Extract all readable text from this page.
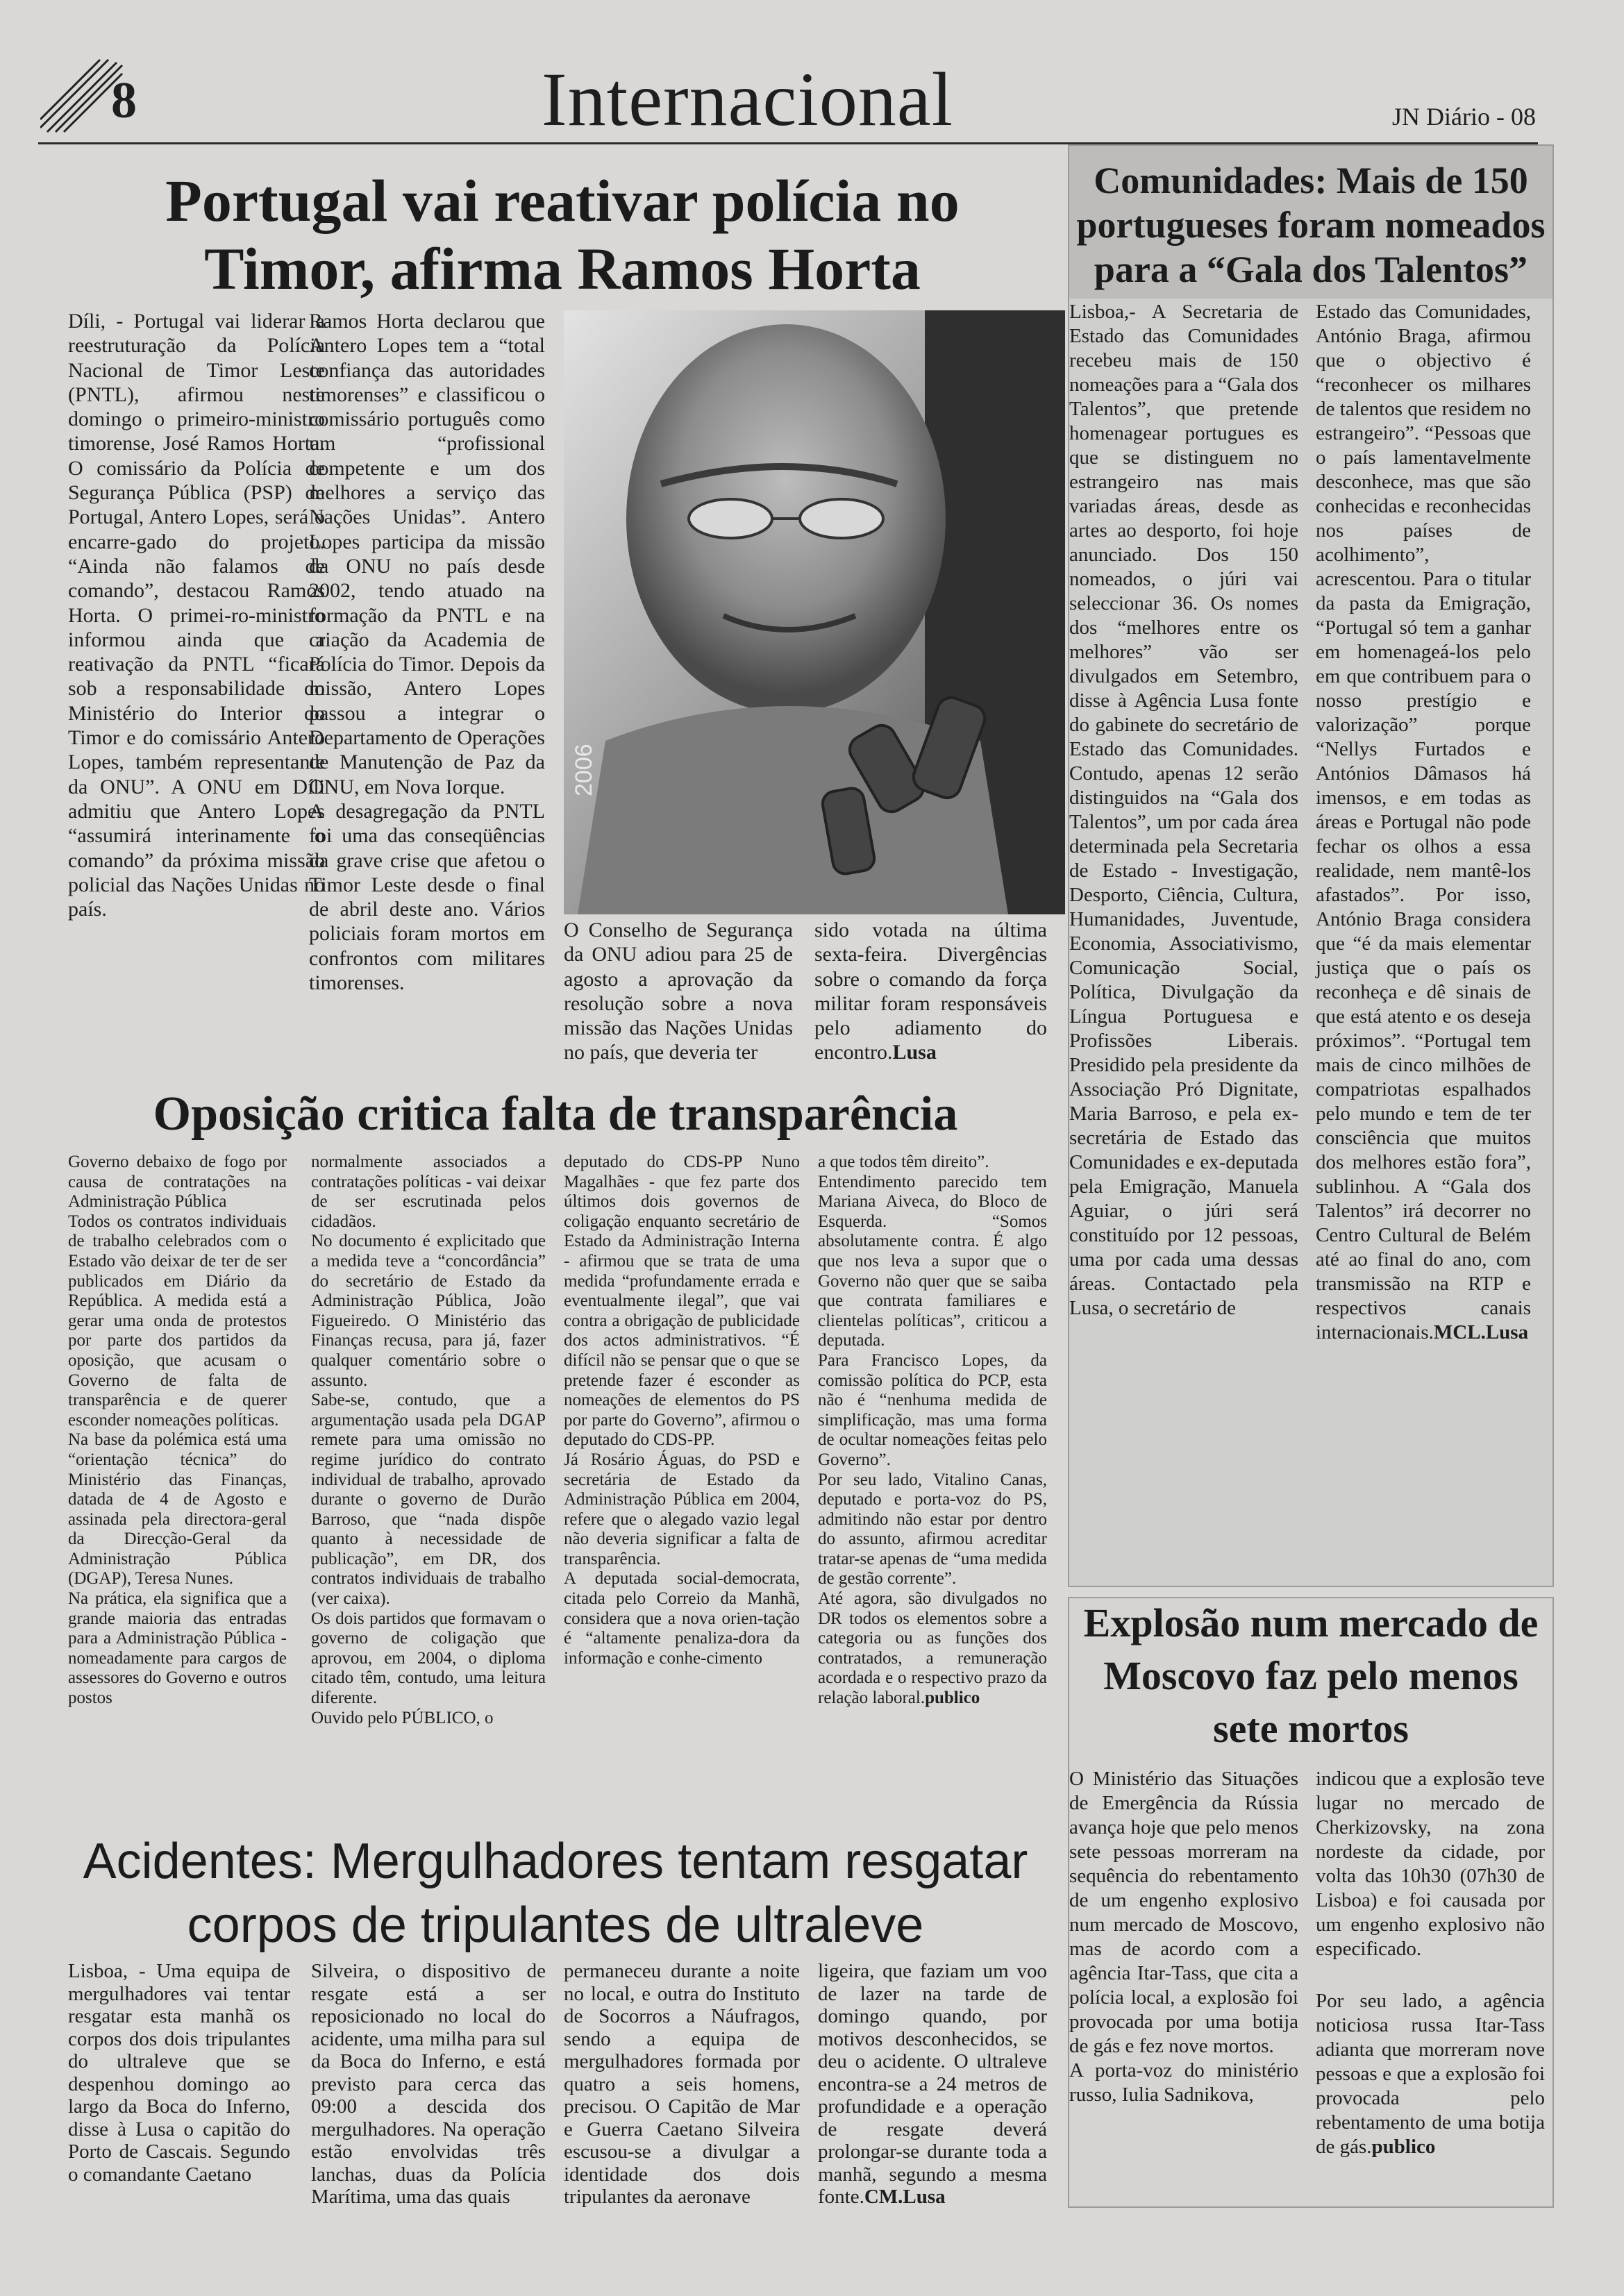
8	Internacional	JN Diário - 08
Portugal vai reativar polícia no Timor, afirma Ramos Horta

Díli, - Portugal vai liderar a reestruturação da Polícia Nacional de Timor Leste (PNTL), afirmou neste domingo o primeiro-ministro timorense, José Ramos Horta. O comissário da Polícia de Segurança Pública (PSP) de Portugal, Antero Lopes, será o encarre-gado do projeto. “Ainda não falamos de comando”, destacou Ramos Horta. O primei-ro-ministro informou ainda que a reativação da PNTL “ficará sob a responsabilidade do Ministério do Interior do Timor e do comissário Antero Lopes, também representante da ONU”. A ONU em Díli admitiu que Antero Lopes “assumirá interinamente o comando” da próxima missão policial das Nações Unidas no país.

Ramos Horta declarou que Antero Lopes tem a “total confiança das autoridades timorenses” e classificou o comissário português como um “profissional competente e um dos melhores a serviço das Nações Unidas”. Antero Lopes participa da missão da ONU no país desde 2002, tendo atuado na formação da PNTL e na criação da Academia de Polícia do Timor. Depois da missão, Antero Lopes passou a integrar o Departamento de Operações de Manutenção de Paz da ONU, em Nova Iorque.

A desagregação da PNTL foi uma das conseqüências da grave crise que afetou o Timor Leste desde o final de abril deste ano. Vários policiais foram mortos em confrontos com militares timorenses.

2006

O Conselho de Segurança da ONU adiou para 25 de agosto a aprovação da resolução sobre a nova missão das Nações Unidas no país, que deveria ter

sido votada na última sexta-feira. Divergências sobre o comando da força militar foram responsáveis pelo adiamento do encontro.Lusa

Oposição critica falta de transparência

Governo debaixo de fogo por causa de contratações na Administração Pública

Todos os contratos individuais de trabalho celebrados com o Estado vão deixar de ter de ser publicados em Diário da República. A medida está a gerar uma onda de protestos por parte dos partidos da oposição, que acusam o Governo de falta de transparência e de querer esconder nomeações políticas.

Na base da polémica está uma “orientação técnica” do Ministério das Finanças, datada de 4 de Agosto e assinada pela directora-geral da Direcção-Geral da Administração Pública (DGAP), Teresa Nunes.

Na prática, ela significa que a grande maioria das entradas para a Administração Pública - nomeadamente para cargos de assessores do Governo e outros postos

normalmente associados a contratações políticas - vai deixar de ser escrutinada pelos cidadãos.

No documento é explicitado que a medida teve a “concordância” do secretário de Estado da Administração Pública, João Figueiredo. O Ministério das Finanças recusa, para já, fazer qualquer comentário sobre o assunto.

Sabe-se, contudo, que a argumentação usada pela DGAP remete para uma omissão no regime jurídico do contrato individual de trabalho, aprovado durante o governo de Durão Barroso, que “nada dispõe quanto à necessidade de publicação”, em DR, dos contratos individuais de trabalho (ver caixa).

Os dois partidos que formavam o governo de coligação que aprovou, em 2004, o diploma citado têm, contudo, uma leitura diferente.

Ouvido pelo PÚBLICO, o

deputado do CDS-PP Nuno Magalhães - que fez parte dos últimos dois governos de coligação enquanto secretário de Estado da Administração Interna - afirmou que se trata de uma medida “profundamente errada e eventualmente ilegal”, que vai contra a obrigação de publicidade dos actos administrativos. “É difícil não se pensar que o que se pretende fazer é esconder as nomeações de elementos do PS por parte do Governo”, afirmou o deputado do CDS-PP.

Já Rosário Águas, do PSD e secretária de Estado da Administração Pública em 2004, refere que o alegado vazio legal não deveria significar a falta de transparência.

A deputada social-democrata, citada pelo Correio da Manhã, considera que a nova orien-tação é “altamente penaliza-dora da informação e conhe-cimento

a que todos têm direito”.

Entendimento parecido tem Mariana Aiveca, do Bloco de Esquerda. “Somos absolutamente contra. É algo que nos leva a supor que o Governo não quer que se saiba que contrata familiares e clientelas políticas”, criticou a deputada.

Para Francisco Lopes, da comissão política do PCP, esta não é “nenhuma medida de simplificação, mas uma forma de ocultar nomeações feitas pelo Governo”.

Por seu lado, Vitalino Canas, deputado e porta-voz do PS, admitindo não estar por dentro do assunto, afirmou acreditar tratar-se apenas de “uma medida de gestão corrente”.

Até agora, são divulgados no DR todos os elementos sobre a categoria ou as funções dos contratados, a remuneração acordada e o respectivo prazo da relação laboral.publico

Acidentes: Mergulhadores tentam resgatar corpos de tripulantes de ultraleve

Lisboa, - Uma equipa de mergulhadores vai tentar resgatar esta manhã os corpos dos dois tripulantes do ultraleve que se despenhou domingo ao largo da Boca do Inferno, disse à Lusa o capitão do Porto de Cascais. Segundo o comandante Caetano

Silveira, o dispositivo de resgate está a ser reposicionado no local do acidente, uma milha para sul da Boca do Inferno, e está previsto para cerca das 09:00 a descida dos mergulhadores. Na operação estão envolvidas três lanchas, duas da Polícia Marítima, uma das quais

permaneceu durante a noite no local, e outra do Instituto de Socorros a Náufragos, sendo a equipa de mergulhadores formada por quatro a seis homens, precisou. O Capitão de Mar e Guerra Caetano Silveira escusou-se a divulgar a identidade dos dois tripulantes da aeronave

ligeira, que faziam um voo de lazer na tarde de domingo quando, por motivos desconhecidos, se deu o acidente. O ultraleve encontra-se a 24 metros de profundidade e a operação de resgate deverá prolongar-se durante toda a manhã, segundo a mesma fonte.CM.Lusa

Comunidades: Mais de 150 portugueses foram nomeados para a “Gala dos Talentos”

Lisboa,- A Secretaria de Estado das Comunidades recebeu mais de 150 nomeações para a “Gala dos Talentos”, que pretende homenagear portugues es que se distinguem no estrangeiro nas mais variadas áreas, desde as artes ao desporto, foi hoje anunciado. Dos 150 nomeados, o júri vai seleccionar 36. Os nomes dos “melhores entre os melhores” vão ser divulgados em Setembro, disse à Agência Lusa fonte do gabinete do secretário de Estado das Comunidades. Contudo, apenas 12 serão distinguidos na “Gala dos Talentos”, um por cada área determinada pela Secretaria de Estado - Investigação, Desporto, Ciência, Cultura, Humanidades, Juventude, Economia, Associativismo, Comunicação Social, Política, Divulgação da Língua Portuguesa e Profissões Liberais. Presidido pela presidente da Associação Pró Dignitate, Maria Barroso, e pela ex-secretária de Estado das Comunidades e ex-deputada pela Emigração, Manuela Aguiar, o júri será constituído por 12 pessoas, uma por cada uma dessas áreas. Contactado pela Lusa, o secretário de

Estado das Comunidades, António Braga, afirmou que o objectivo é “reconhecer os milhares de talentos que residem no estrangeiro”. “Pessoas que o país lamentavelmente desconhece, mas que são conhecidas e reconhecidas nos países de acolhimento”, acrescentou. Para o titular da pasta da Emigração, “Portugal só tem a ganhar em homenageá-los pelo em que contribuem para o nosso prestígio e valorização” porque “Nellys Furtados e Antónios Dâmasos há imensos, e em todas as áreas e Portugal não pode fechar os olhos a essa realidade, nem mantê-los afastados”. Por isso, António Braga considera que “é da mais elementar justiça que o país os reconheça e dê sinais de que está atento e os deseja próximos”. “Portugal tem mais de cinco milhões de compatriotas espalhados pelo mundo e tem de ter consciência que muitos dos melhores estão fora”, sublinhou. A “Gala dos Talentos” irá decorrer no Centro Cultural de Belém até ao final do ano, com transmissão na RTP e respectivos canais internacionais.MCL.Lusa

Explosão num mercado de Moscovo faz pelo menos sete mortos

O Ministério das Situações de Emergência da Rússia avança hoje que pelo menos sete pessoas morreram na sequência do rebentamento de um engenho explosivo num mercado de Moscovo, mas de acordo com a agência Itar-Tass, que cita a polícia local, a explosão foi provocada por uma botija de gás e fez nove mortos.

A porta-voz do ministério russo, Iulia Sadnikova,

indicou que a explosão teve lugar no mercado de Cherkizovsky, na zona nordeste da cidade, por volta das 10h30 (07h30 de Lisboa) e foi causada por um engenho explosivo não especificado.

Por seu lado, a agência noticiosa russa Itar-Tass adianta que morreram nove pessoas e que a explosão foi provocada pelo rebentamento de uma botija de gás.publico
